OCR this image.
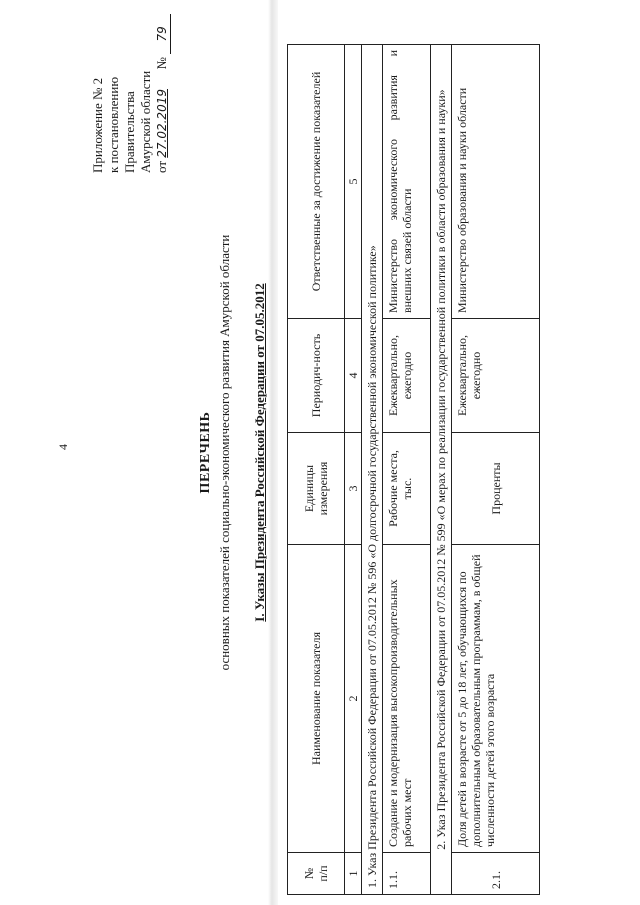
4
Приложение № 2 к постановлению Правительства Амурской области от 27.02.2019      № 79
ПЕРЕЧЕНЬ основных показателей социально-экономического развития Амурской области I. Указы Президента Российской Федерации от 07.05.2012
№
п/п	Наименование показателя	Единицы измерения	Периодич-ность	Ответственные за достижение показателей
1	2	3	4	5
1. Указ Президента Российской Федерации от 07.05.2012 № 596 «О долгосрочной государственной экономической политике»				
1.1.	Создание и модернизация высокопроизводительных рабочих мест	Рабочие места, тыс.	Ежеквартально, ежегодно	Министерство экономического развития и внешних связей области
2. Указ Президента Российской Федерации от 07.05.2012 № 599 «О мерах по реализации государственной политики в области образования и науки»				
2.1.	Доля детей в возрасте от 5 до 18 лет, обучающихся по дополнительным образовательным программам, в общей численности детей этого возраста	Проценты	Ежеквартально, ежегодно	Министерство образования и науки области
